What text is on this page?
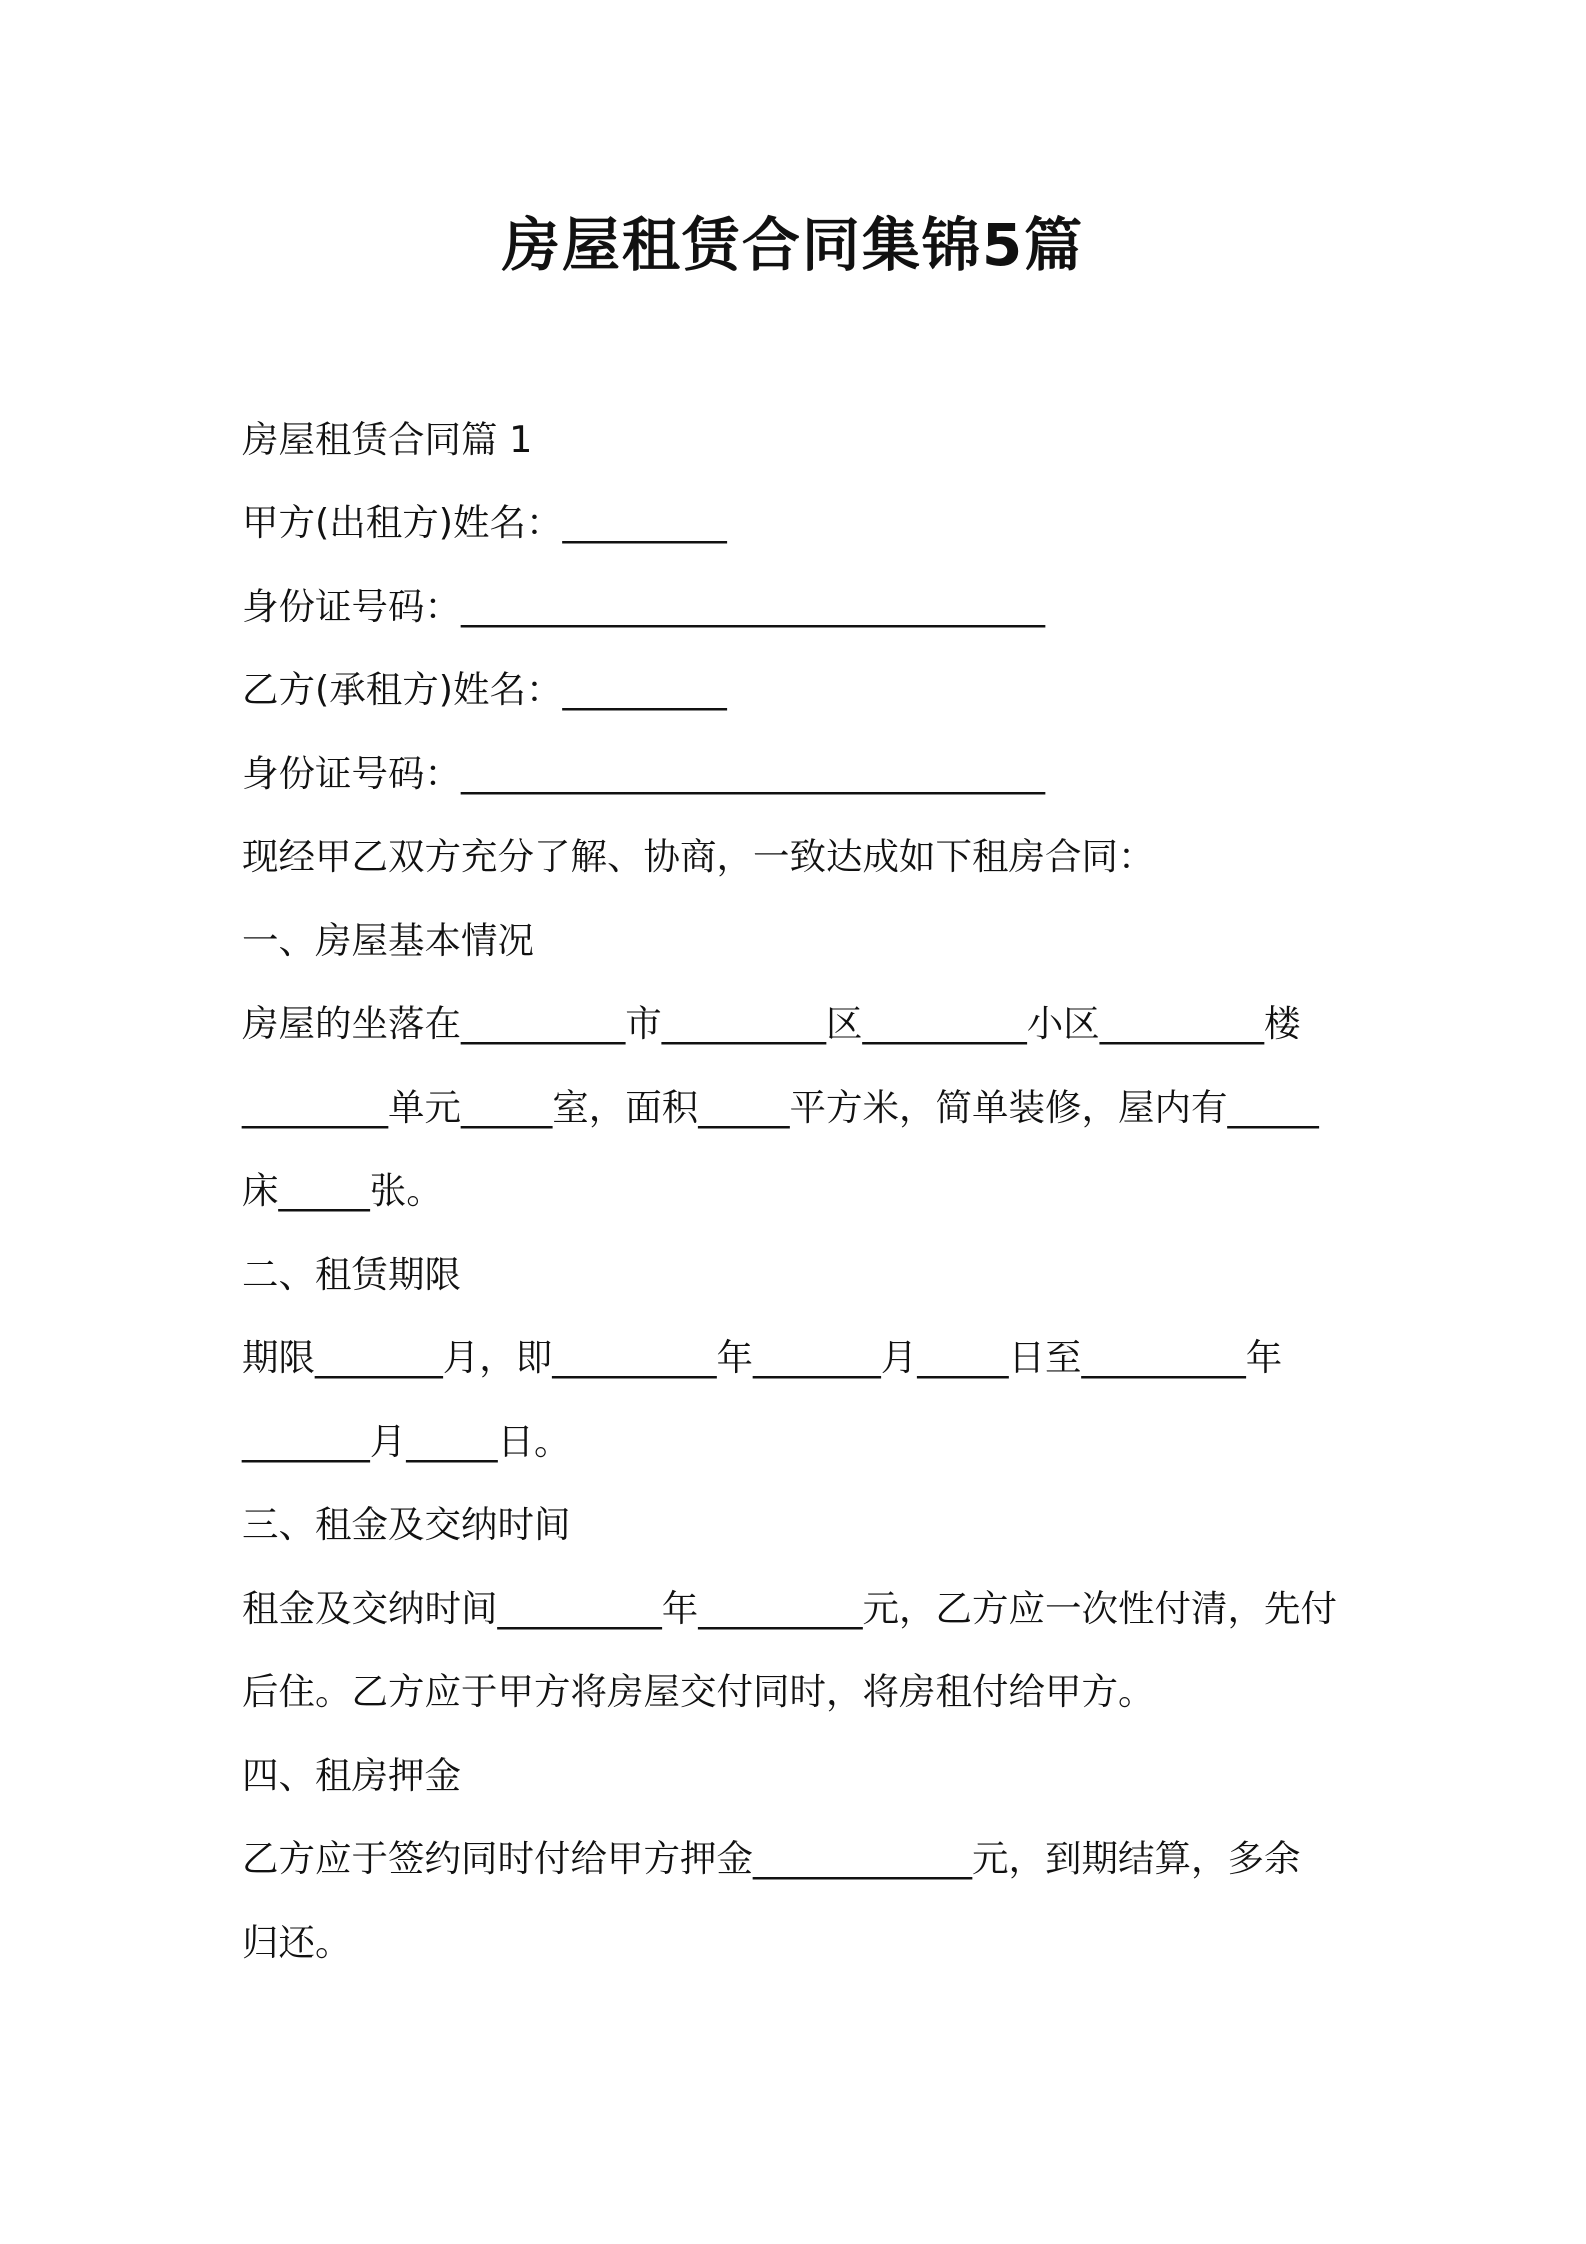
房屋租赁合同集锦5篇
房屋租赁合同篇 1
甲方(出租方)姓名：_________
身份证号码：________________________________
乙方(承租方)姓名：_________
身份证号码：________________________________
现经甲乙双方充分了解、协商，一致达成如下租房合同：
一、房屋基本情况
房屋的坐落在_________市_________区_________小区_________楼
________单元_____室，面积_____平方米，简单装修，屋内有_____
床_____张。
二、租赁期限
期限_______月，即_________年_______月_____日至_________年
_______月_____日。
三、租金及交纳时间
租金及交纳时间_________年_________元，乙方应一次性付清，先付
后住。乙方应于甲方将房屋交付同时，将房租付给甲方。
四、租房押金
乙方应于签约同时付给甲方押金____________元，到期结算，多余
归还。
